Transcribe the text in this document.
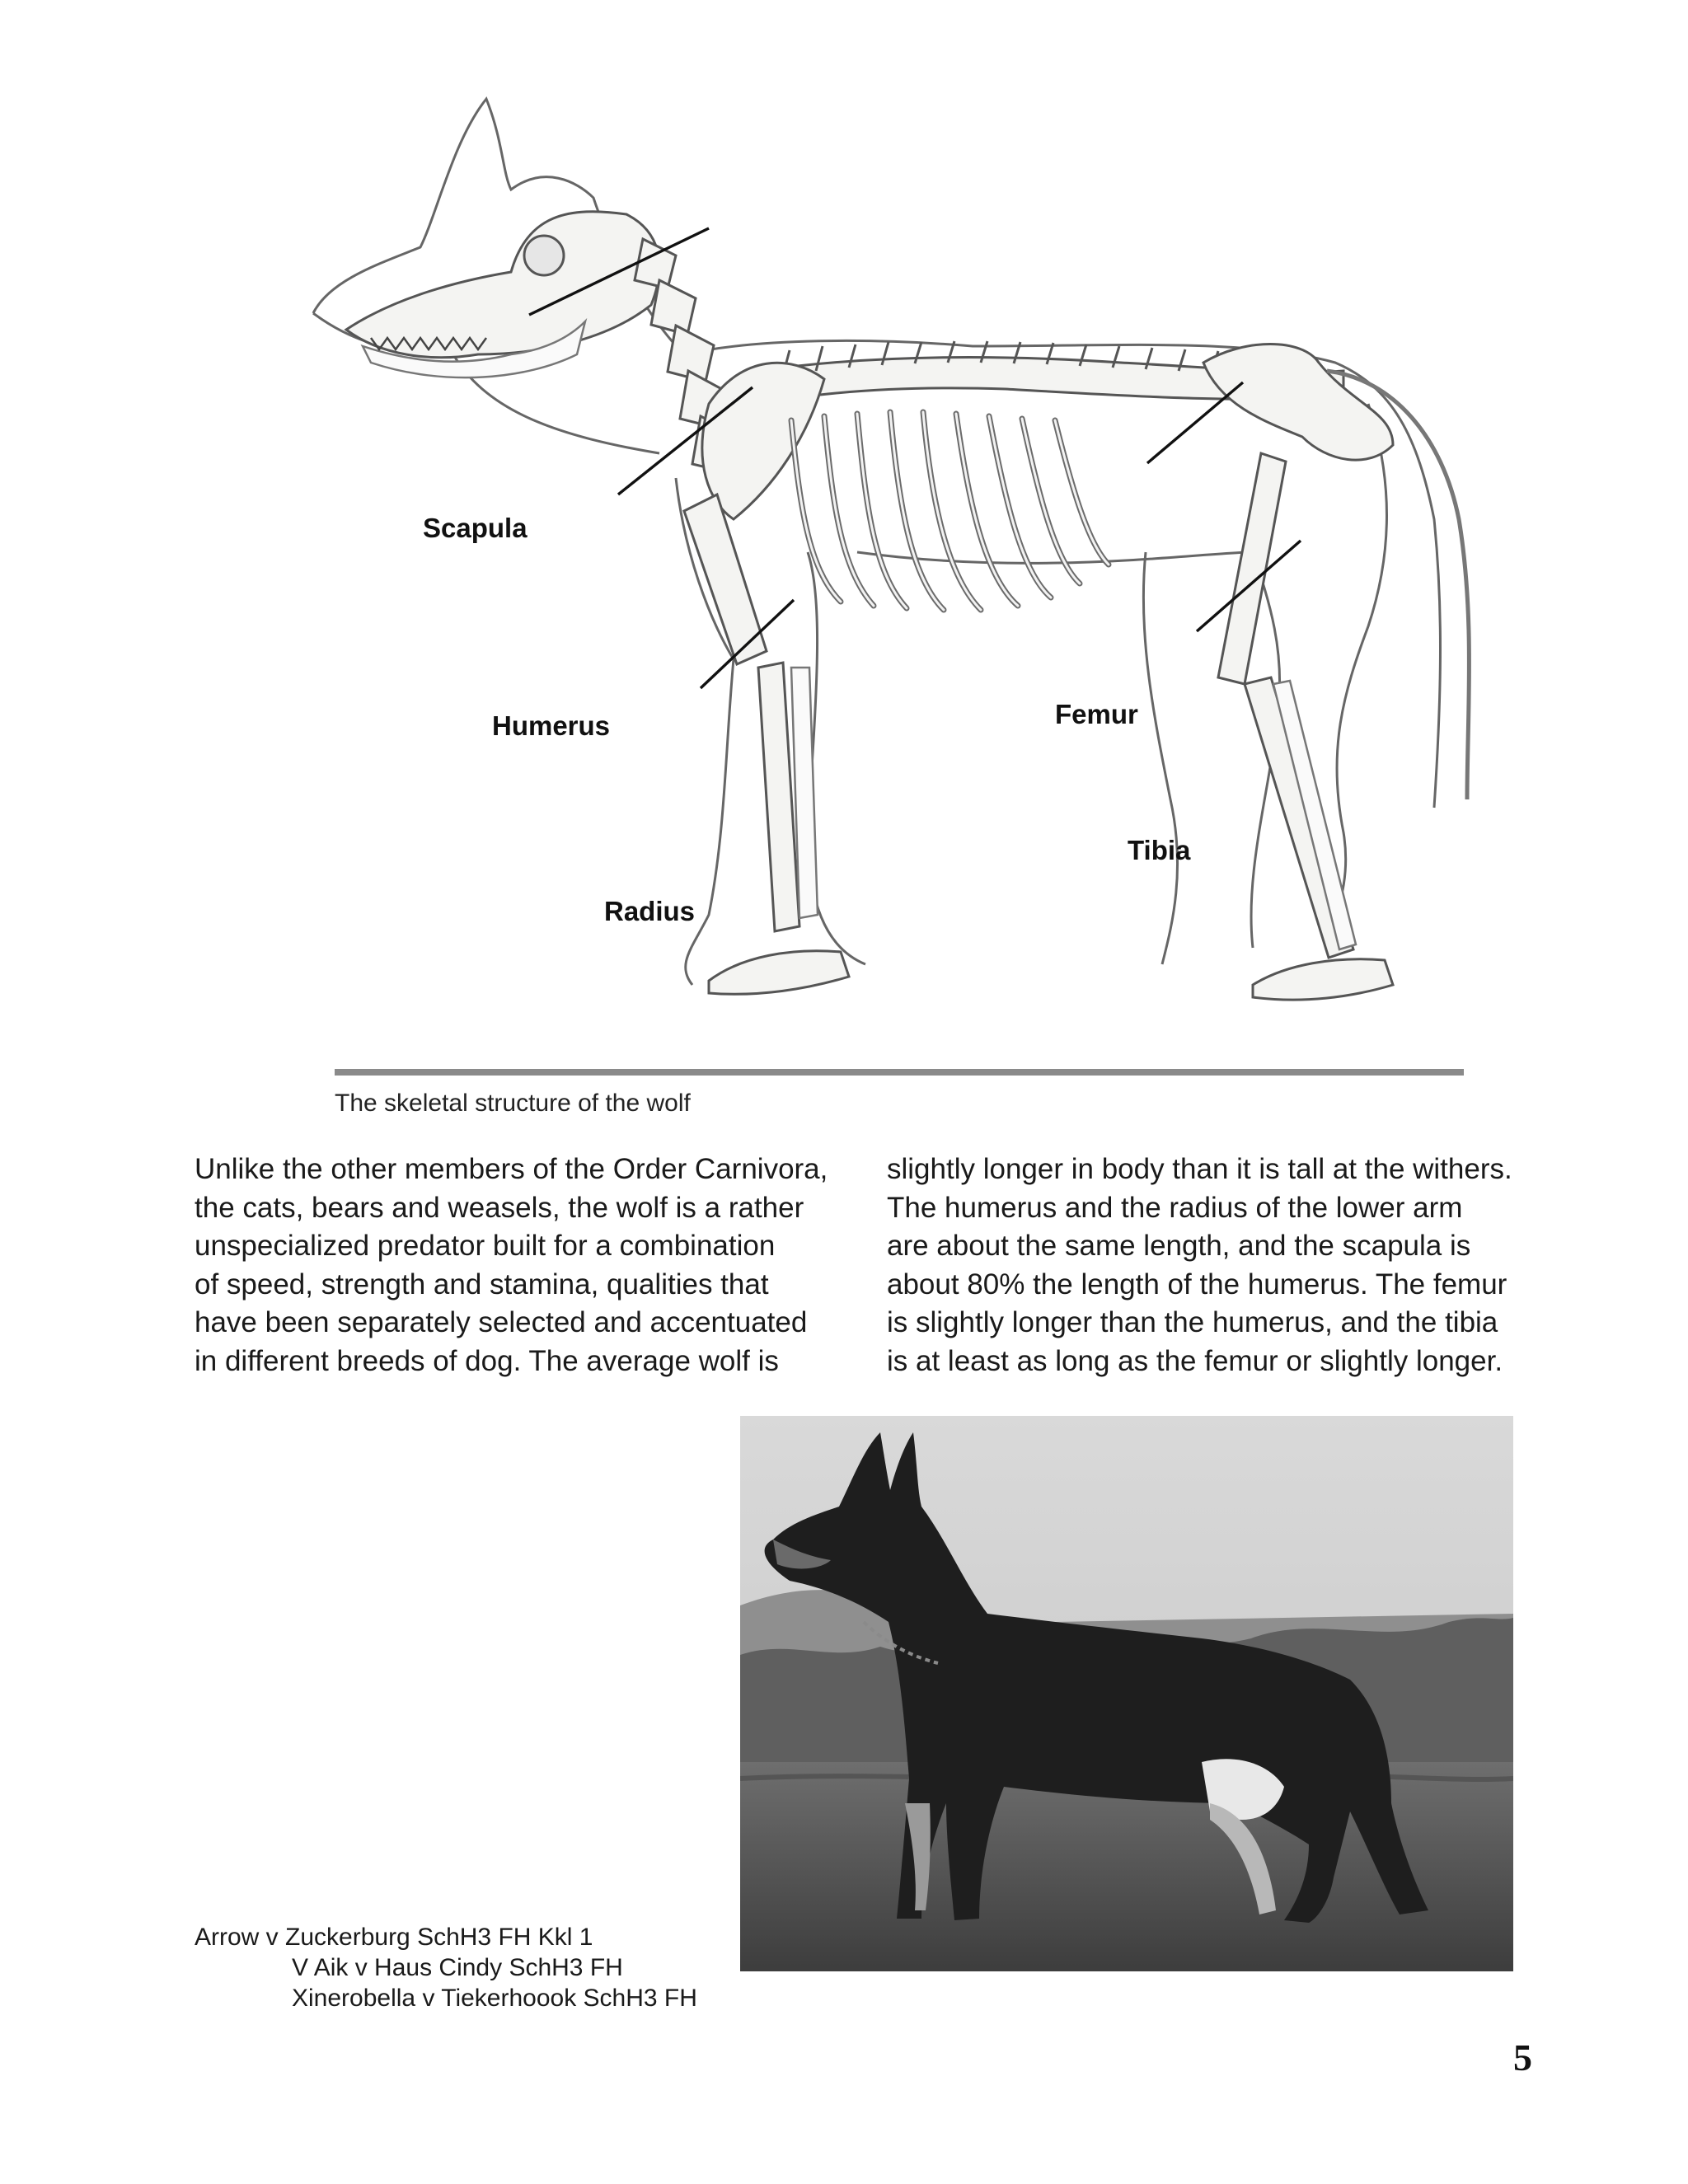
Scapula
Humerus
Radius
Femur
Tibia
The skeletal structure of the wolf

Unlike the other members of the Order Carnivora,

the cats, bears and weasels, the wolf is a rather

unspecialized predator built for a combination

of speed, strength and stamina, qualities that

have been separately selected and accentuated

in different breeds of dog. The average wolf is

slightly longer in body than it is tall at the withers.

The humerus and the radius of the lower arm

are about the same length, and the scapula is

about 80% the length of the humerus. The femur

is slightly longer than the humerus, and the tibia

is at least as long as the femur or slightly longer.

Arrow v Zuckerburg SchH3 FH Kkl 1
V Aik v Haus Cindy SchH3 FH
Xinerobella v Tiekerhoook SchH3 FH
5
